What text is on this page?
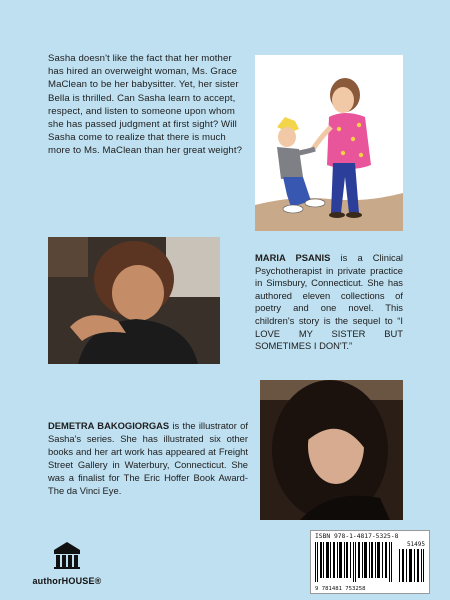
Sasha doesn't like the fact that her mother has hired an overweight woman, Ms. Grace MaClean to be her babysitter. Yet, her sister Bella is thrilled. Can Sasha learn to accept, respect, and listen to someone upon whom she has passed judgment at first sight? Will Sasha come to realize that there is much more to Ms. MaClean than her great weight?
MARIA PSANIS is a Clinical Psychotherapist in private practice in Simsbury, Connecticut. She has authored eleven collections of poetry and one novel. This children's story is the sequel to “I LOVE MY SISTER BUT SOMETIMES I DON'T.”
DEMETRA BAKOGIORGAS is the illustrator of Sasha's series. She has illustrated six other books and her art work has appeared at Freight Street Gallery in Waterbury, Connecticut. She was a finalist for The Eric Hoffer Book Award-The da Vinci Eye.
authorHOUSE®
ISBN 978-1-4817-5325-8
51495
9 781481 753258
